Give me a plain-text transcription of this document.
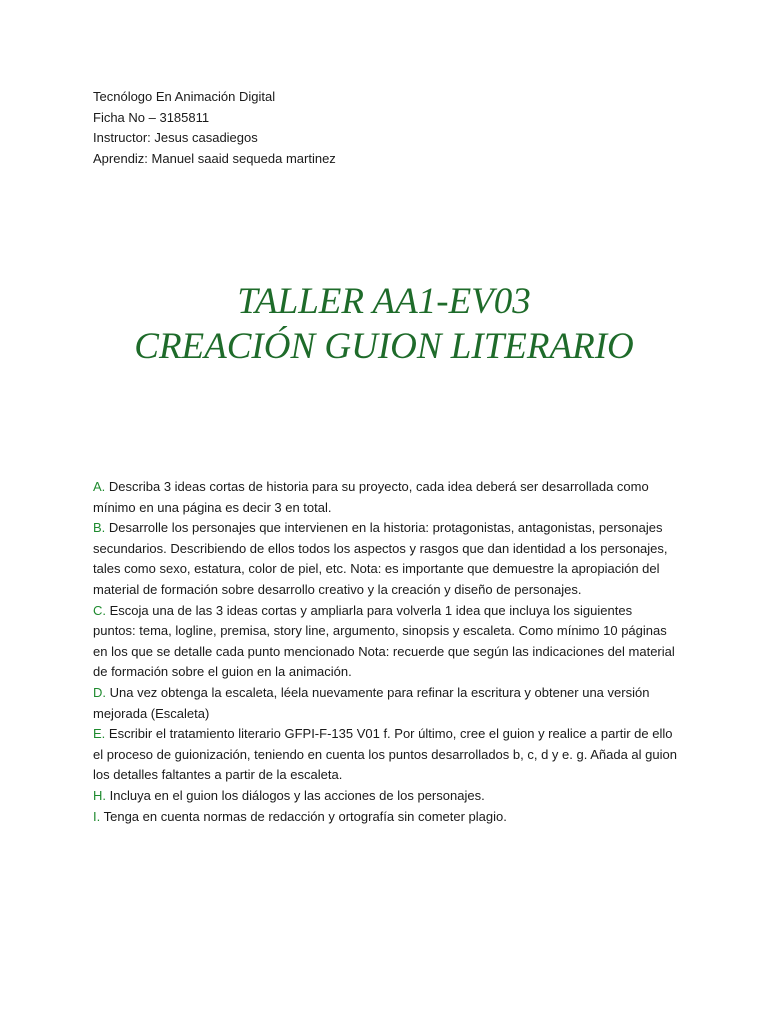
Tecnólogo En Animación Digital
Ficha No – 3185811
Instructor: Jesus casadiegos
Aprendiz: Manuel saaid sequeda martinez
TALLER AA1-EV03
CREACIÓN GUION LITERARIO

A. Describa 3 ideas cortas de historia para su proyecto, cada idea deberá ser desarrollada como mínimo en una página es decir 3 en total.

B. Desarrolle los personajes que intervienen en la historia: protagonistas, antagonistas, personajes secundarios. Describiendo de ellos todos los aspectos y rasgos que dan identidad a los personajes, tales como sexo, estatura, color de piel, etc. Nota: es importante que demuestre la apropiación del material de formación sobre desarrollo creativo y la creación y diseño de personajes.

C. Escoja una de las 3 ideas cortas y ampliarla para volverla 1 idea que incluya los siguientes puntos: tema, logline, premisa, story line, argumento, sinopsis y escaleta. Como mínimo 10 páginas en los que se detalle cada punto mencionado Nota: recuerde que según las indicaciones del material de formación sobre el guion en la animación.

D. Una vez obtenga la escaleta, léela nuevamente para refinar la escritura y obtener una versión mejorada (Escaleta)

E. Escribir el tratamiento literario GFPI-F-135 V01 f. Por último, cree el guion y realice a partir de ello el proceso de guionización, teniendo en cuenta los puntos desarrollados b, c, d y e. g. Añada al guion los detalles faltantes a partir de la escaleta.

H. Incluya en el guion los diálogos y las acciones de los personajes.

I. Tenga en cuenta normas de redacción y ortografía sin cometer plagio.
